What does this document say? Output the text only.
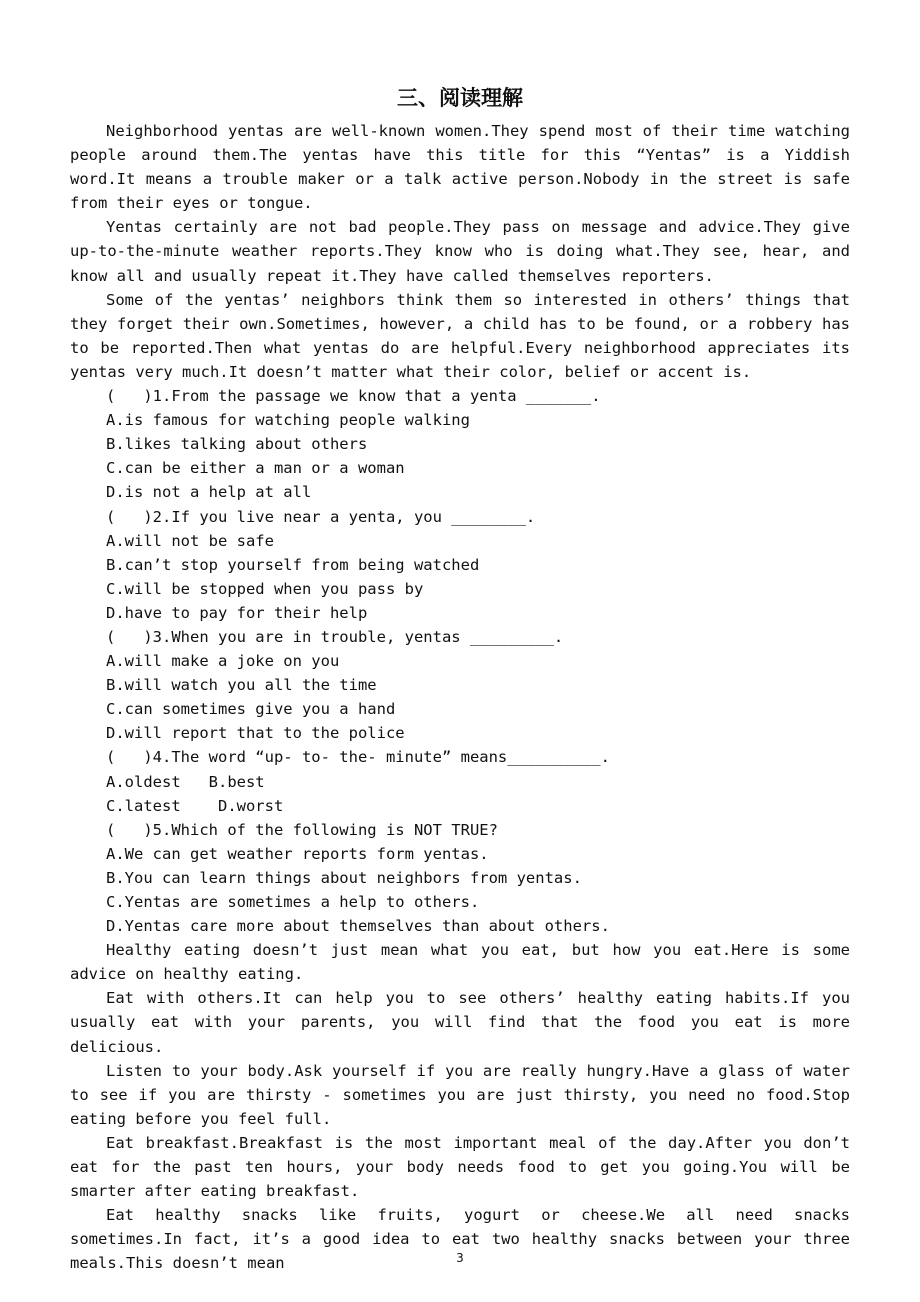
三、阅读理解

Neighborhood yentas are well-known women.They spend most of their time watching people around them.The yentas have this title for this “Yentas” is a Yiddish word.It means a trouble maker or a talk active person.Nobody in the street is safe from their eyes or tongue.

Yentas certainly are not bad people.They pass on message and advice.They give up-to-the-minute weather reports.They know who is doing what.They see, hear, and know all and usually repeat it.They have called themselves reporters.

Some of the yentas’ neighbors think them so interested in others’ things that they forget their own.Sometimes, however, a child has to be found, or a robbery has to be reported.Then what yentas do are helpful.Every neighborhood appreciates its yentas very much.It doesn’t matter what their color, belief or accent is.

(   )1.From the passage we know that a yenta _______.

A.is famous for watching people walking

B.likes talking about others

C.can be either a man or a woman

D.is not a help at all

(   )2.If you live near a yenta, you ________.

A.will not be safe

B.can’t stop yourself from being watched

C.will be stopped when you pass by

D.have to pay for their help

(   )3.When you are in trouble, yentas _________.

A.will make a joke on you

B.will watch you all the time

C.can sometimes give you a hand

D.will report that to the police

(   )4.The word “up- to- the- minute” means__________.

A.oldest   B.best

C.latest    D.worst

(   )5.Which of the following is NOT TRUE?

A.We can get weather reports form yentas.

B.You can learn things about neighbors from yentas.

C.Yentas are sometimes a help to others.

D.Yentas care more about themselves than about others.

Healthy eating doesn’t just mean what you eat, but how you eat.Here is some advice on healthy eating.

Eat with others.It can help you to see others’ healthy eating habits.If you usually eat with your parents, you will find that the food you eat is more delicious.

Listen to your body.Ask yourself if you are really hungry.Have a glass of water to see if you are thirsty - sometimes you are just thirsty, you need no food.Stop eating before you feel full.

Eat breakfast.Breakfast is the most important meal of the day.After you don’t eat for the past ten hours, your body needs food to get you going.You will be smarter after eating breakfast.

Eat healthy snacks like fruits, yogurt or cheese.We all need snacks sometimes.In fact, it’s a good idea to eat two healthy snacks between your three meals.This doesn’t mean	3
